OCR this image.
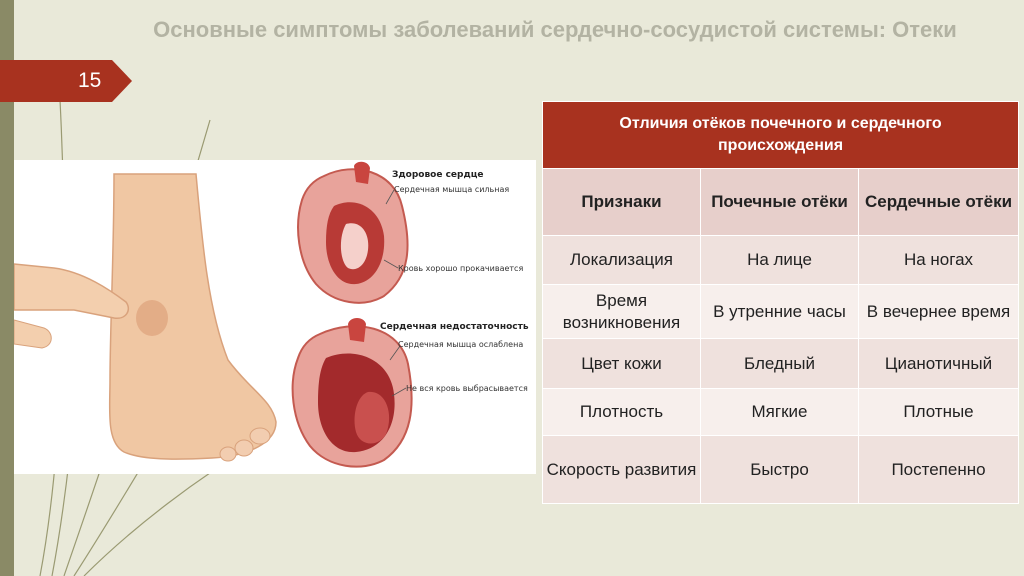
Основные симптомы заболеваний сердечно-сосудистой системы: Отеки
15
Здоровое сердце
Сердечная мышца сильная
Кровь хорошо прокачивается
Сердечная недостаточность
Сердечная мышца ослаблена
Не вся кровь выбрасывается
Отличия отёков почечного и сердечного происхождения		
Признаки	Почечные отёки	Сердечные отёки
Локализация	На лице	На ногах
Время возникновения	В утренние часы	В вечернее время
Цвет кожи	Бледный	Цианотичный
Плотность	Мягкие	Плотные
Скорость развития	Быстро	Постепенно
